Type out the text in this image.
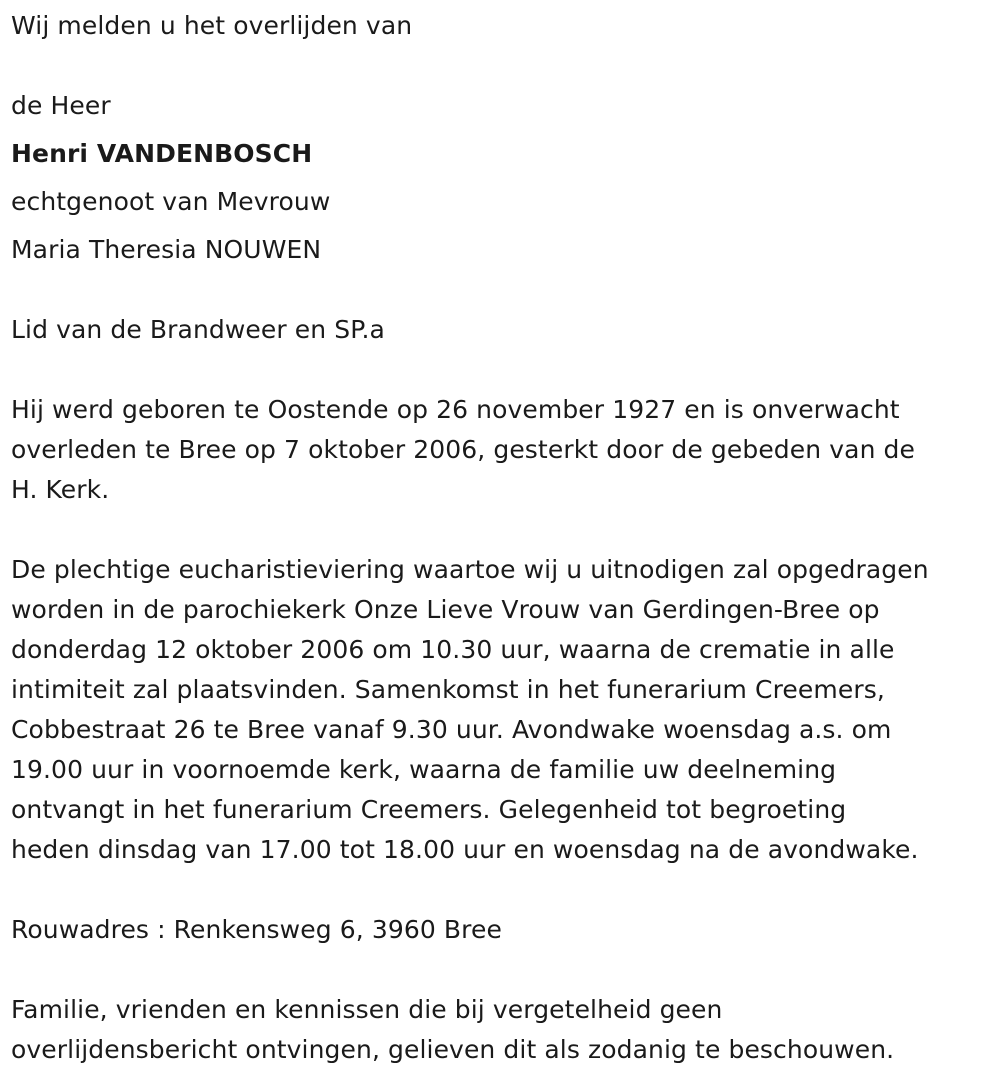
Wij melden u het overlijden van
de Heer
Henri VANDENBOSCH
echtgenoot van Mevrouw
Maria Theresia NOUWEN
Lid van de Brandweer en SP.a
Hij werd geboren te Oostende op 26 november 1927 en is onverwacht
overleden te Bree op 7 oktober 2006, gesterkt door de gebeden van de
H. Kerk.
De plechtige eucharistieviering waartoe wij u uitnodigen zal opgedragen
worden in de parochiekerk Onze Lieve Vrouw van Gerdingen-Bree op
donderdag 12 oktober 2006 om 10.30 uur, waarna de crematie in alle
intimiteit zal plaatsvinden. Samenkomst in het funerarium Creemers,
Cobbestraat 26 te Bree vanaf 9.30 uur. Avondwake woensdag a.s. om
19.00 uur in voornoemde kerk, waarna de familie uw deelneming
ontvangt in het funerarium Creemers. Gelegenheid tot begroeting
heden dinsdag van 17.00 tot 18.00 uur en woensdag na de avondwake.
Rouwadres : Renkensweg 6, 3960 Bree
Familie, vrienden en kennissen die bij vergetelheid geen
overlijdensbericht ontvingen, gelieven dit als zodanig te beschouwen.
